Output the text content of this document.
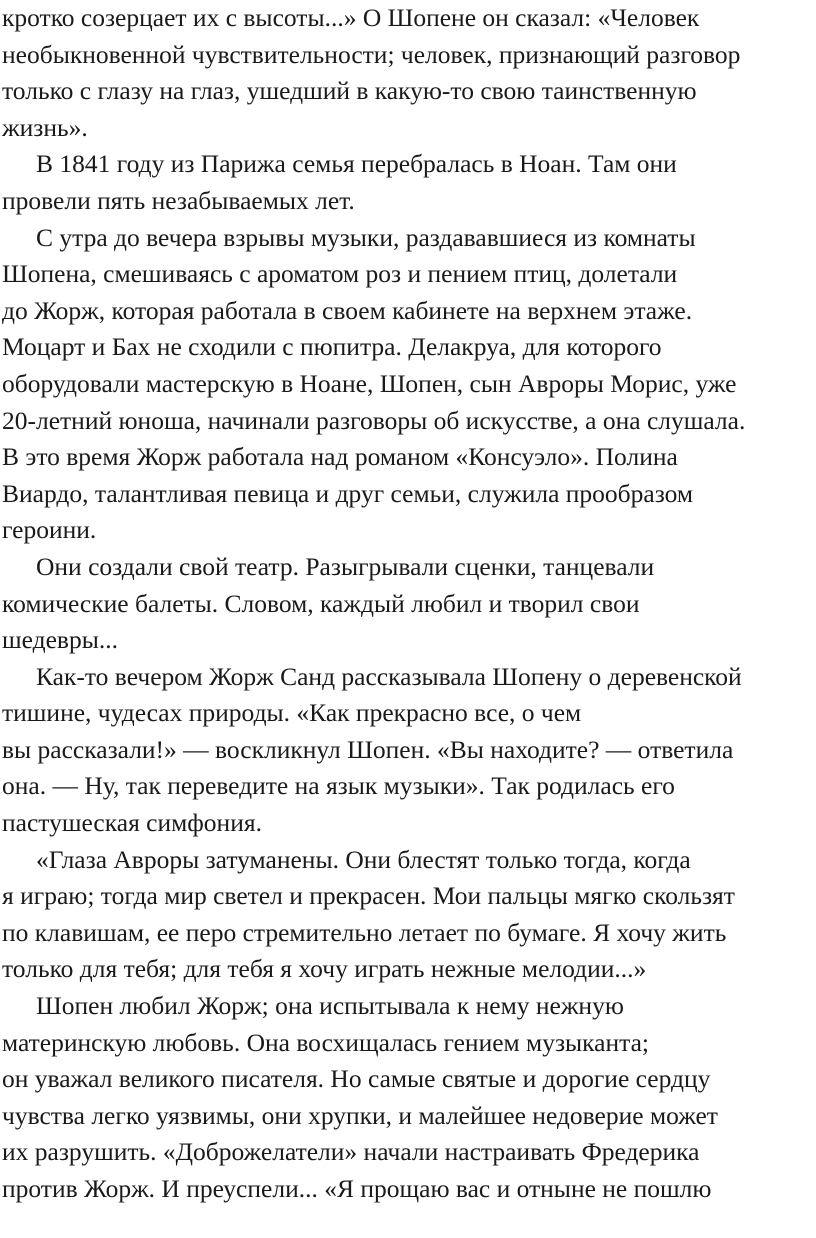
кротко созерцает их с высоты...» О Шопене он сказал: «Человек
необыкновенной чувствительности; человек, признающий разговор
только с глазу на глаз, ушедший в какую-то свою таинственную
жизнь».
В 1841 году из Парижа семья перебралась в Ноан. Там они
провели пять незабываемых лет.
С утра до вечера взрывы музыки, раздававшиеся из комнаты
Шопена, смешиваясь с ароматом роз и пением птиц, долетали
до Жорж, которая работала в своем кабинете на верхнем этаже.
Моцарт и Бах не сходили с пюпитра. Делакруа, для которого
оборудовали мастерскую в Ноане, Шопен, сын Авроры Морис, уже
20-летний юноша, начинали разговоры об искусстве, а она слушала.
В это время Жорж работала над романом «Консуэло». Полина
Виардо, талантливая певица и друг семьи, служила прообразом
героини.
Они создали свой театр. Разыгрывали сценки, танцевали
комические балеты. Словом, каждый любил и творил свои
шедевры...
Как-то вечером Жорж Санд рассказывала Шопену о деревенской
тишине, чудесах природы. «Как прекрасно все, о чем
вы рассказали!» — воскликнул Шопен. «Вы находите? — ответила
она. — Ну, так переведите на язык музыки». Так родилась его
пастушеская симфония.
«Глаза Авроры затуманены. Они блестят только тогда, когда
я играю; тогда мир светел и прекрасен. Мои пальцы мягко скользят
по клавишам, ее перо стремительно летает по бумаге. Я хочу жить
только для тебя; для тебя я хочу играть нежные мелодии...»
Шопен любил Жорж; она испытывала к нему нежную
материнскую любовь. Она восхищалась гением музыканта;
он уважал великого писателя. Но самые святые и дорогие сердцу
чувства легко уязвимы, они хрупки, и малейшее недоверие может
их разрушить. «Доброжелатели» начали настраивать Фредерика
против Жорж. И преуспели... «Я прощаю вас и отныне не пошлю
